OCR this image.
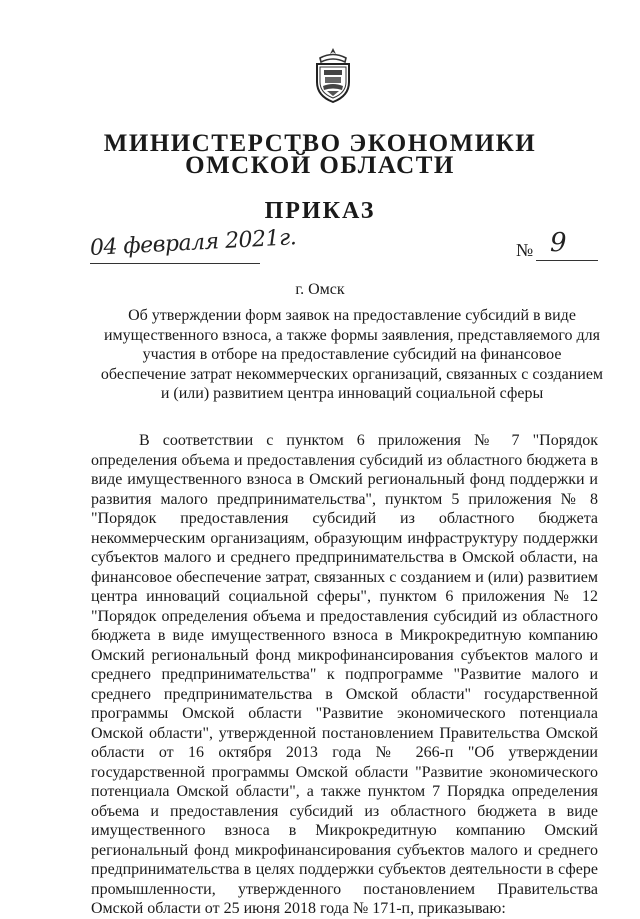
МИНИСТЕРСТВО ЭКОНОМИКИ
ОМСКОЙ ОБЛАСТИ
ПРИКАЗ
04 февраля 2021г.	№ 9
г. Омск
Об утверждении форм заявок на предоставление субсидий в виде имущественного взноса, а также формы заявления, представляемого для участия в отборе на предоставление субсидий на финансовое обеспечение затрат некоммерческих организаций, связанных с созданием и (или) развитием центра инноваций социальной сферы

В соответствии с пунктом 6 приложения № 7 "Порядок определения объема и предоставления субсидий из областного бюджета в виде имущественного взноса в Омский региональный фонд поддержки и развития малого предпринимательства", пунктом 5 приложения № 8 "Порядок предоставления субсидий из областного бюджета некоммерческим организациям, образующим инфраструктуру поддержки субъектов малого и среднего предпринимательства в Омской области, на финансовое обеспечение затрат, связанных с созданием и (или) развитием центра инноваций социальной сферы", пунктом 6 приложения № 12 "Порядок определения объема и предоставления субсидий из областного бюджета в виде имущественного взноса в Микрокредитную компанию Омский региональный фонд микрофинансирования субъектов малого и среднего предпринимательства" к подпрограмме "Развитие малого и среднего предпринимательства в Омской области" государственной программы Омской области "Развитие экономического потенциала Омской области", утвержденной постановлением Правительства Омской области от 16 октября 2013 года № 266-п "Об утверждении государственной программы Омской области "Развитие экономического потенциала Омской области", а также пунктом 7 Порядка определения объема и предоставления субсидий из областного бюджета в виде имущественного взноса в Микрокредитную компанию Омский региональный фонд микрофинансирования субъектов малого и среднего предпринимательства в целях поддержки субъектов деятельности в сфере промышленности, утвержденного постановлением Правительства Омской области от 25 июня 2018 года № 171-п, приказываю:
